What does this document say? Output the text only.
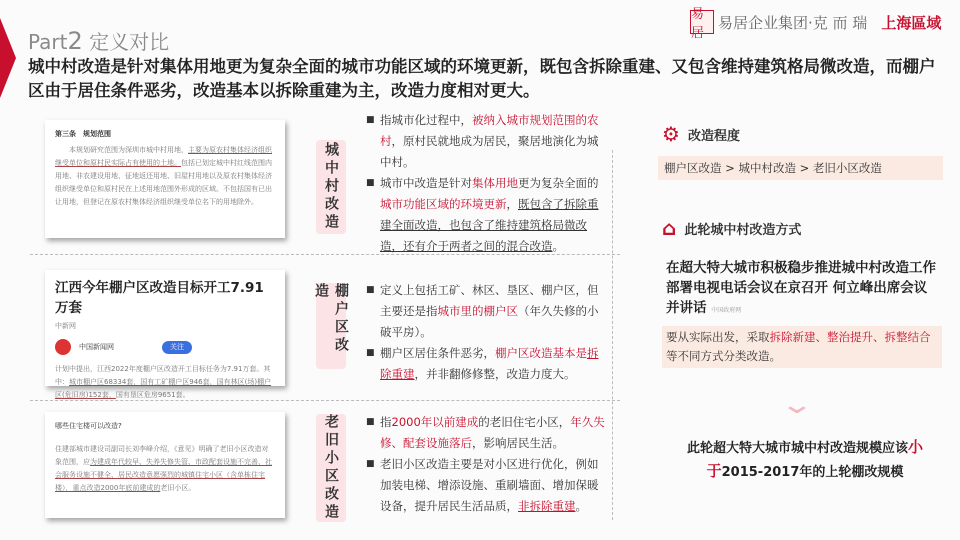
Part2 定义对比
易居
易居企业集团·克 而 瑞 上海區域
城中村改造是针对集体用地更为复杂全面的城市功能区域的环境更新，既包含拆除重建、又包含维持建筑格局微改造，而棚户区由于居住条件恶劣，改造基本以拆除重建为主，改造力度相对更大。
第三条　规划范围
  本规划研究范围为深圳市城中村用地，主要为原农村集体经济组织继受单位和原村民实际占有使用的土地。包括已划定城中村红线范围内用地、非农建设用地、征地返还用地、旧屋村用地以及原农村集体经济组织继受单位和原村民在上述用地范围外形成的区域。不包括国有已出让用地，但登记在原农村集体经济组织继受单位名下的用地除外。
江西今年棚户区改造目标开工7.91万套
中新网
中国新闻网	关注
计划中提出，江西2022年度棚户区改造开工目标任务为7.91万套。其中：城市棚户区68334套，国有工矿棚户区946套，国有林区(场)棚户区(危旧房)152套，国有垦区危房9651套。
哪些住宅楼可以改造?
住建部城市建设司副司长刘李峰介绍，《意见》明确了老旧小区改造对象范围，应为建成年代较早、失养失修失管、市政配套设施不完善、社会服务设施不健全、居民改造意愿强烈的城镇住宅小区（含单栋住宅楼），重点改造2000年底前建成的老旧小区。
城中村改造

■ 指城市化过程中，被纳入城市规划范围的农村，原村民就地成为居民，聚居地演化为城中村。

■ 城市中改造是针对集体用地更为复杂全面的城市功能区域的环境更新，既包含了拆除重建全面改造，也包含了维持建筑格局微改造，还有介于两者之间的混合改造。

棚户区改造	■ 定义上包括工矿、林区、垦区、棚户区，但主要还是指城市里的棚户区（年久失修的小破平房）。

■ 棚户区居住条件恶劣，棚户区改造基本是拆除重建，并非翻修修整，改造力度大。

老旧小区改造	■ 指2000年以前建成的老旧住宅小区，年久失修、配套设施落后，影响居民生活。

■ 老旧小区改造主要是对小区进行优化，例如加装电梯、增添设施、重刷墙面、增加保暖设备，提升居民生活品质，非拆除重建。

⚙ 改造程度
棚户区改造 > 城中村改造 > 老旧小区改造
⌂ 此轮城中村改造方式
在超大特大城市积极稳步推进城中村改造工作部署电视电话会议在京召开 何立峰出席会议并讲话 中国政府网
要从实际出发，采取拆除新建、整治提升、拆整结合等不同方式分类改造。
⌄
此轮超大特大城市城中村改造规模应该小于2015-2017年的上轮棚改规模
